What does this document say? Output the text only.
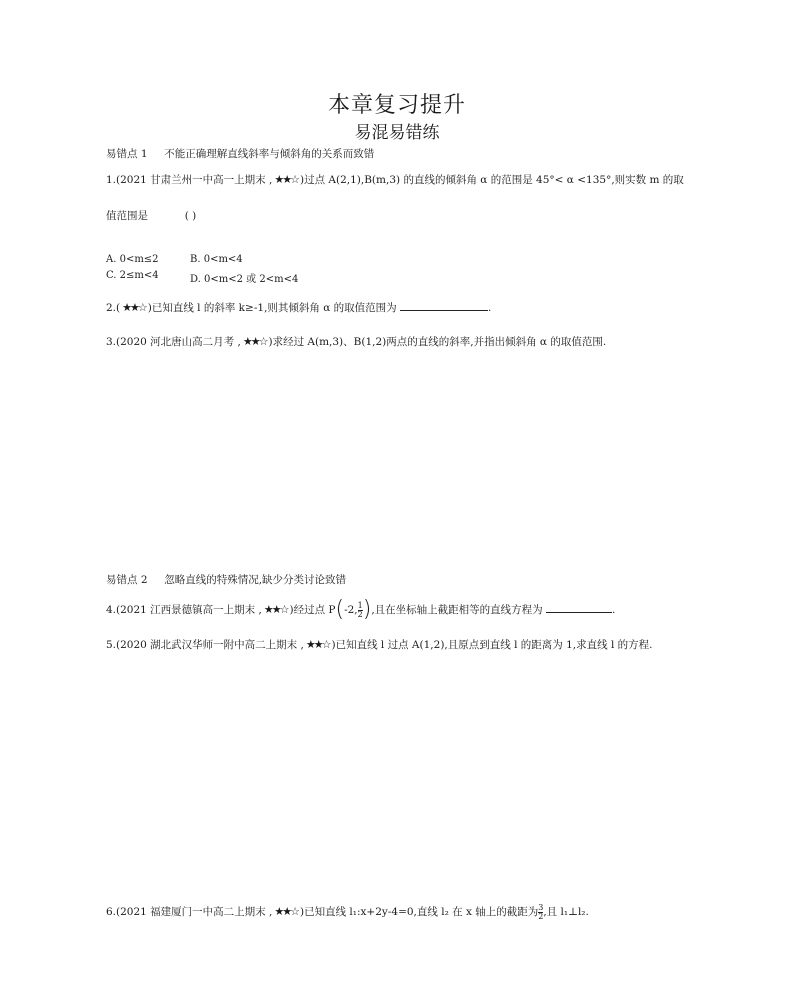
本章复习提升
易混易错练
易错点 1 不能正确理解直线斜率与倾斜角的关系而致错
1.(2021 甘肃兰州一中高一上期末 , ★★☆ )过点 A(2,1),B(m,3) 的直线的倾斜角 α 的范围是 45°< α <135°,则实数 m 的取
值范围是	( )
A. 0<m≤2	B. 0<m<4
C. 2≤m<4	D. 0<m<2 或 2<m<4
2.( ★★☆ )已知直线 l 的斜率 k≥-1,则其倾斜角 α 的取值范围为	.
3.(2020 河北唐山高二月考 , ★★☆ )求经过 A(m,3)、B(1,2)两点的直线的斜率,并指出倾斜角 α 的取值范围.
易错点 2 忽略直线的特殊情况,缺少分类讨论致错
4.(2021 江西景德镇高一上期末 , ★★☆ )经过点 P(-2, $\frac{1}{2}$ ),且在坐标轴上截距相等的直线方程为	.
5.(2020 湖北武汉华师一附中高二上期末 , ★★☆ )已知直线 l 过点 A(1,2),且原点到直线 l 的距离为 1,求直线 l 的方程.
6.(2021 福建厦门一中高二上期末 , ★★☆ )已知直线 l₁:x+2y-4=0,直线 l₂ 在 x 轴上的截距为 $\frac{3}{2}$ ,且 l₁⊥l₂.
